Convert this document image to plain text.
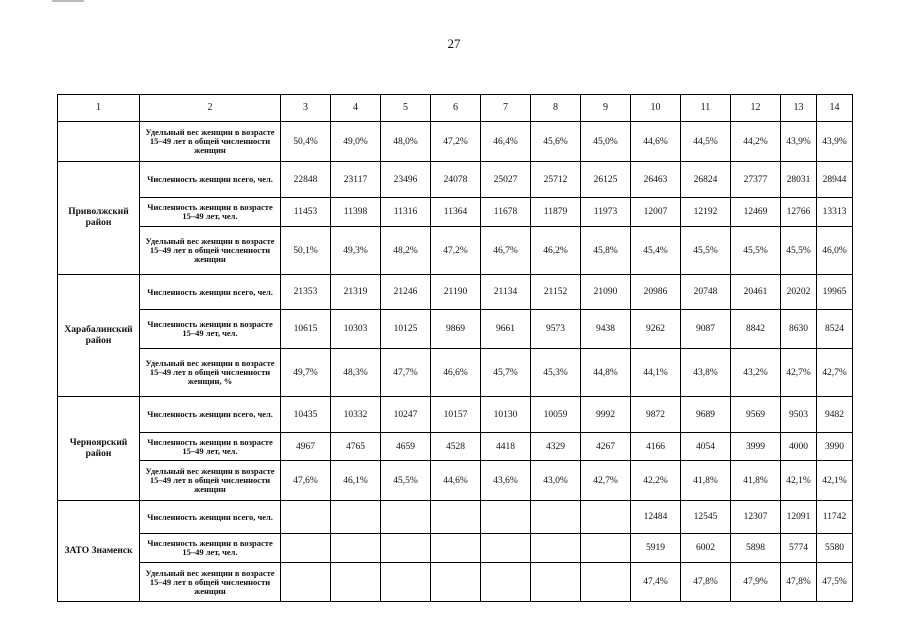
27
1	2	3	4	5	6	7	8	9	10	11	12	13	14
	Удельный вес женщин в возрасте 15–49 лет в общей численности женщин	50,4%	49,0%	48,0%	47,2%	46,4%	45,6%	45,0%	44,6%	44,5%	44,2%	43,9%	43,9%
Приволжский район	Численность женщин всего, чел.	22848	23117	23496	24078	25027	25712	26125	26463	26824	27377	28031	28944
	Численность женщин в возрасте 15–49 лет, чел.	11453	11398	11316	11364	11678	11879	11973	12007	12192	12469	12766	13313
	Удельный вес женщин в возрасте 15–49 лет в общей численности женщин	50,1%	49,3%	48,2%	47,2%	46,7%	46,2%	45,8%	45,4%	45,5%	45,5%	45,5%	46,0%
Харабалинский район	Численность женщин всего, чел.	21353	21319	21246	21190	21134	21152	21090	20986	20748	20461	20202	19965
	Численность женщин в возрасте 15–49 лет, чел.	10615	10303	10125	9869	9661	9573	9438	9262	9087	8842	8630	8524
	Удельный вес женщин в возрасте 15–49 лет в общей численности женщин, %	49,7%	48,3%	47,7%	46,6%	45,7%	45,3%	44,8%	44,1%	43,8%	43,2%	42,7%	42,7%
Черноярский район	Численность женщин всего, чел.	10435	10332	10247	10157	10130	10059	9992	9872	9689	9569	9503	9482
	Численность женщин в возрасте 15–49 лет, чел.	4967	4765	4659	4528	4418	4329	4267	4166	4054	3999	4000	3990
	Удельный вес женщин в возрасте 15–49 лет в общей численности женщин	47,6%	46,1%	45,5%	44,6%	43,6%	43,0%	42,7%	42,2%	41,8%	41,8%	42,1%	42,1%
ЗАТО Знаменск	Численность женщин всего, чел.								12484	12545	12307	12091	11742
	Численность женщин в возрасте 15–49 лет, чел.								5919	6002	5898	5774	5580
	Удельный вес женщин в возрасте 15–49 лет в общей численности женщин								47,4%	47,8%	47,9%	47,8%	47,5%
